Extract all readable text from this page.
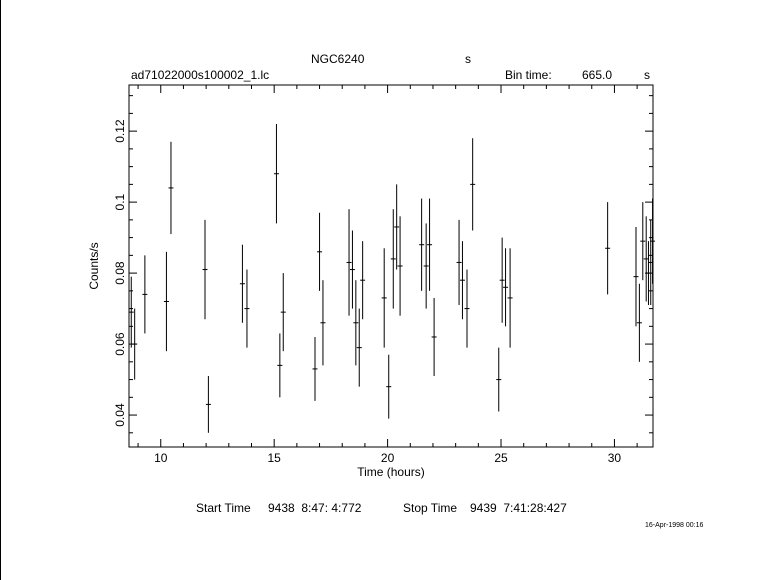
10	15	20	25	30
0.04
0.06
0.08
0.1
0.12
Time (hours)
Counts/s
NGC6240	s
ad71022000s100002_1.lc	Bin time:	665.0	s
Start Time 9438  8:47: 4:772	Stop Time 9439  7:41:28:427
16-Apr-1998 00:16
